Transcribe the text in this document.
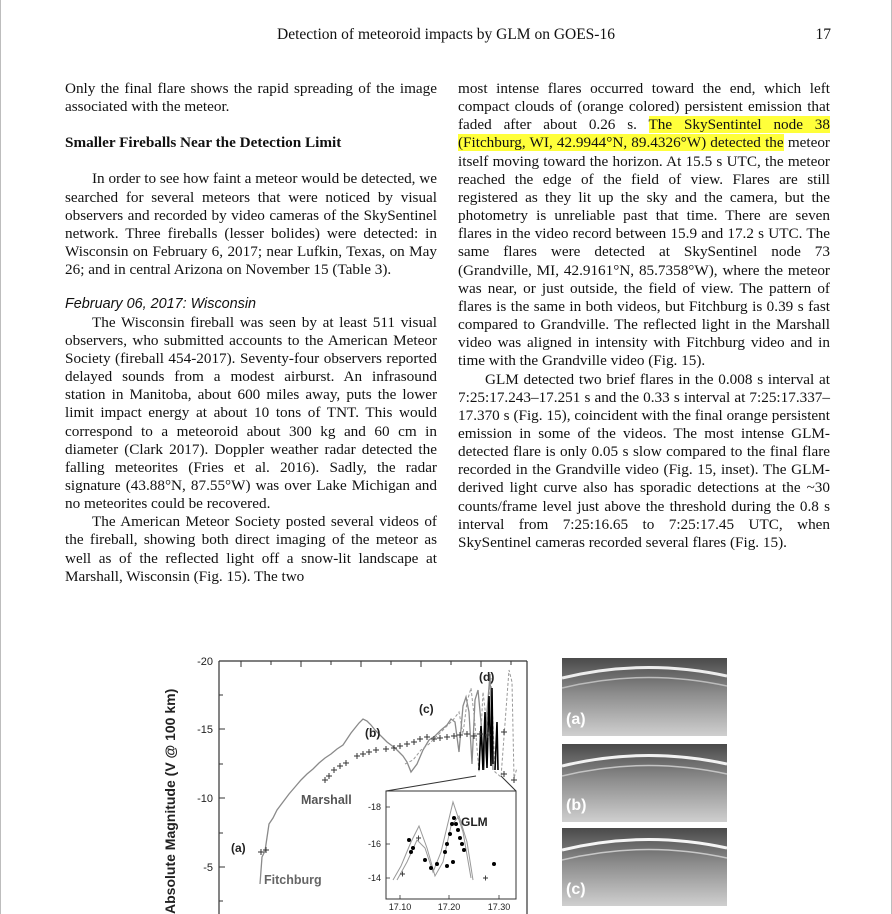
Detection of meteoroid impacts by GLM on GOES-16	17

Only the final flare shows the rapid spreading of the image associated with the meteor.

Smaller Fireballs Near the Detection Limit

In order to see how faint a meteor would be detected, we searched for several meteors that were noticed by visual observers and recorded by video cameras of the SkySentinel network. Three fireballs (lesser bolides) were detected: in Wisconsin on February 6, 2017; near Lufkin, Texas, on May 26; and in central Arizona on November 15 (Table 3).

February 06, 2017: Wisconsin

The Wisconsin fireball was seen by at least 511 visual observers, who submitted accounts to the American Meteor Society (fireball 454-2017). Seventy-four observers reported delayed sounds from a modest airburst. An infrasound station in Manitoba, about 600 miles away, puts the lower limit impact energy at about 10 tons of TNT. This would correspond to a meteoroid about 300 kg and 60 cm in diameter (Clark 2017). Doppler weather radar detected the falling meteorites (Fries et al. 2016). Sadly, the radar signature (43.88°N, 87.55°W) was over Lake Michigan and no meteorites could be recovered.

The American Meteor Society posted several videos of the fireball, showing both direct imaging of the meteor as well as of the reflected light off a snow-lit landscape at Marshall, Wisconsin (Fig. 15). The two

most intense flares occurred toward the end, which left compact clouds of (orange colored) persistent emission that faded after about 0.26 s. The SkySentintel node 38 (Fitchburg, WI, 42.9944°N, 89.4326°W) detected the meteor itself moving toward the horizon. At 15.5 s UTC, the meteor reached the edge of the field of view. Flares are still registered as they lit up the sky and the camera, but the photometry is unreliable past that time. There are seven flares in the video record between 15.9 and 17.2 s UTC. The same flares were detected at SkySentinel node 73 (Grandville, MI, 42.9161°N, 85.7358°W), where the meteor was near, or just outside, the field of view. The pattern of flares is the same in both videos, but Fitchburg is 0.39 s fast compared to Grandville. The reflected light in the Marshall video was aligned in intensity with Fitchburg video and in time with the Grandville video (Fig. 15).

GLM detected two brief flares in the 0.008 s interval at 7:25:17.243–17.251 s and the 0.33 s interval at 7:25:17.337–17.370 s (Fig. 15), coincident with the final orange persistent emission in some of the videos. The most intense GLM-detected flare is only 0.05 s slow compared to the final flare recorded in the Grandville video (Fig. 15, inset). The GLM-derived light curve also has sporadic detections at the ~30 counts/frame level just above the threshold during the 0.8 s interval from 7:25:16.65 to 7:25:17.45 UTC, when SkySentinel cameras recorded several flares (Fig. 15).

Absolute Magnitude (V @ 100 km)
-20
-15
-10
-5
Marshall
Fitchburg
(a)
(b)
(c)
(d)
-18
-16
-14
17.10	17.20	17.30
GLM
(a)
(b)
(c)
